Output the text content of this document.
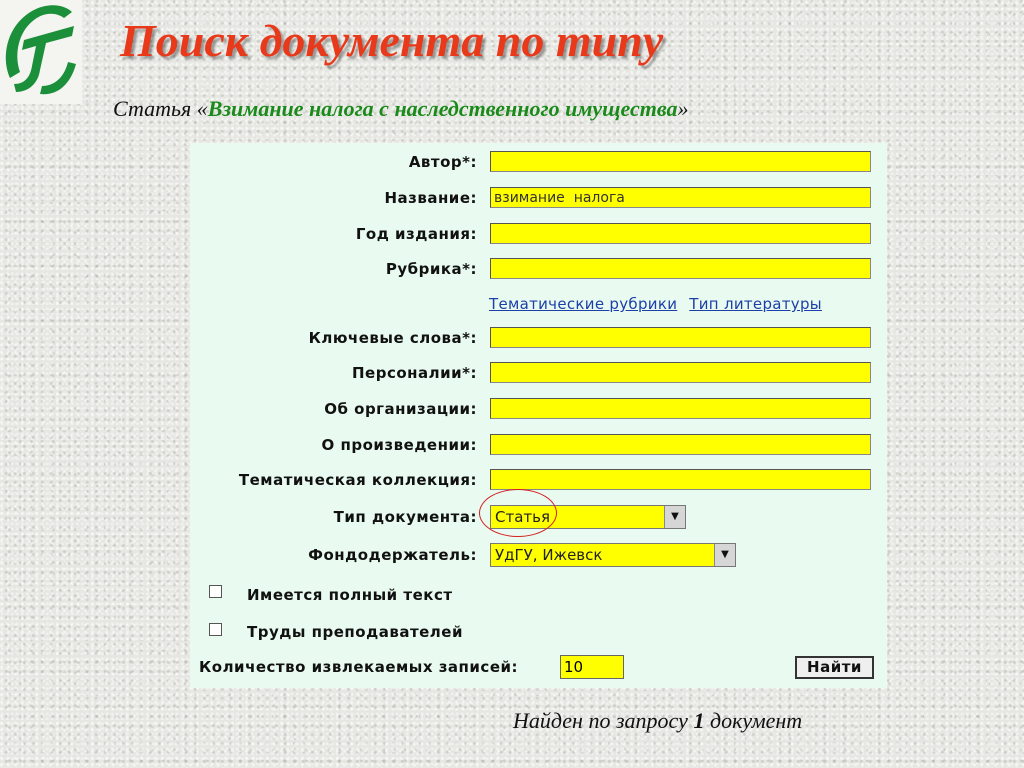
Поиск документа по типу
Статья «Взимание налога с наследственного имущества»
Автор*:
Название:
взимание налога
Год издания:
Рубрика*:
Тематические рубрики Тип литературы
Ключевые слова*:
Персоналии*:
Об организации:
О произведении:
Тематическая коллекция:
Тип документа:	Статья	▼
Фондодержатель:	УдГУ, Ижевск	▼
Имеется полный текст
Труды преподавателей
Количество извлекаемых записей:
10	Найти
Найден по запросу 1 документ
